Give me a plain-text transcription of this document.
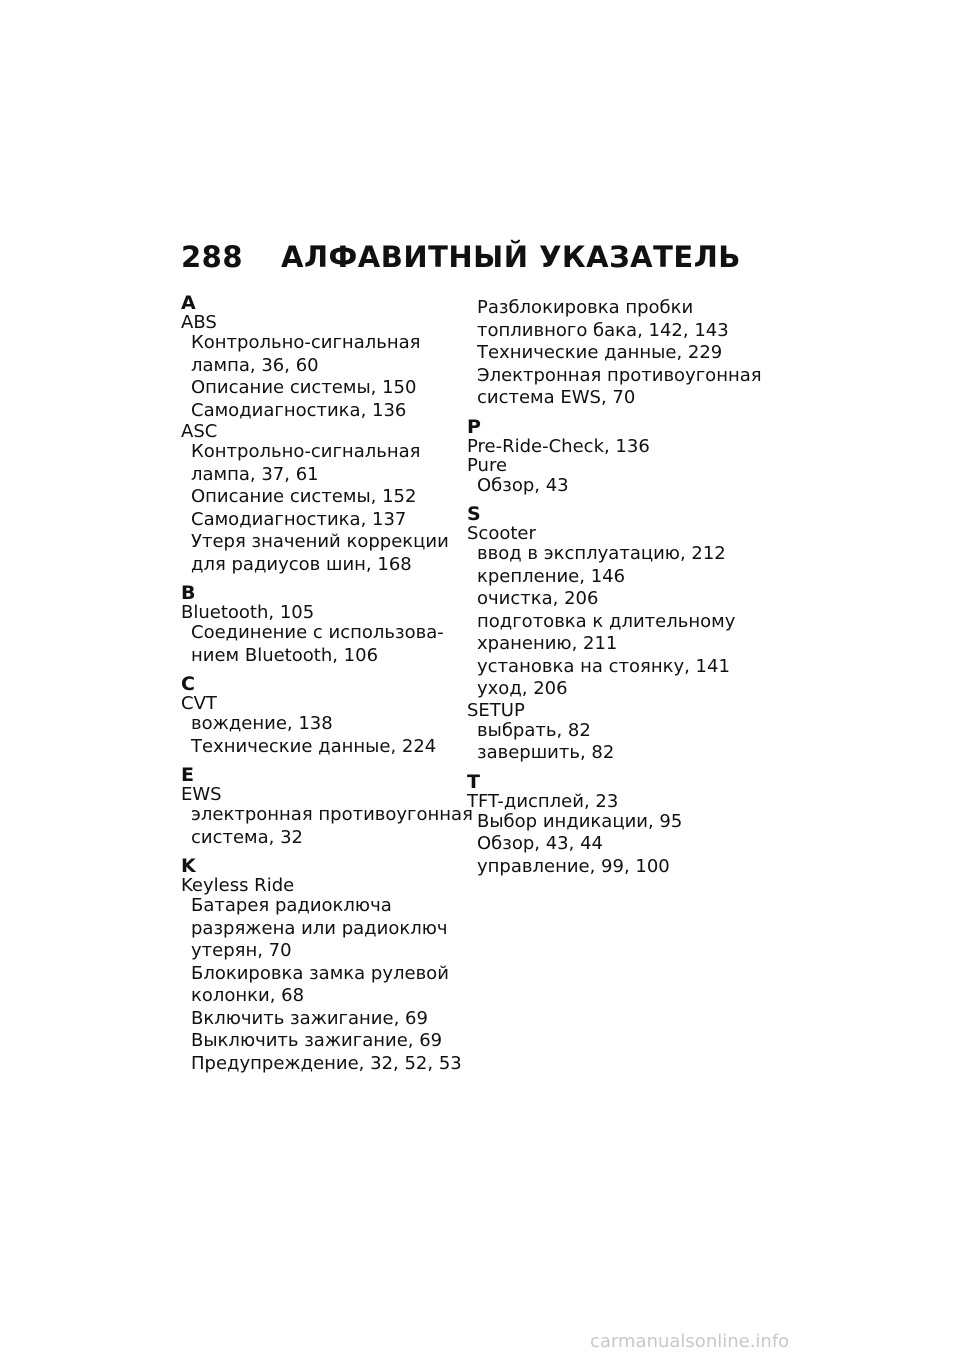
288 АЛФАВИТНЫЙ УКАЗАТЕЛЬ
A
ABS
Контрольно-сигнальная
лампа, 36, 60
Описание системы, 150
Самодиагностика, 136
ASC
Контрольно-сигнальная
лампа, 37, 61
Описание системы, 152
Самодиагностика, 137
Утеря значений коррекции
для радиусов шин, 168
B
Bluetooth, 105
Соединение с использова-
нием Bluetooth, 106
C
CVT
вождение, 138
Технические данные, 224
E
EWS
электронная противоугонная
система, 32
K
Keyless Ride
Батарея радиоключа
разряжена или радиоключ
утерян, 70
Блокировка замка рулевой
колонки, 68
Включить зажигание, 69
Выключить зажигание, 69
Предупреждение, 32, 52, 53
Разблокировка пробки
топливного бака, 142, 143
Технические данные, 229
Электронная противоугонная
система EWS, 70
P
Pre-Ride-Check, 136
Pure
Обзор, 43
S
Scooter
ввод в эксплуатацию, 212
крепление, 146
очистка, 206
подготовка к длительному
хранению, 211
установка на стоянку, 141
уход, 206
SETUP
выбрать, 82
завершить, 82
T
TFT-дисплей, 23
Выбор индикации, 95
Обзор, 43, 44
управление, 99, 100
carmanualsonline.info
